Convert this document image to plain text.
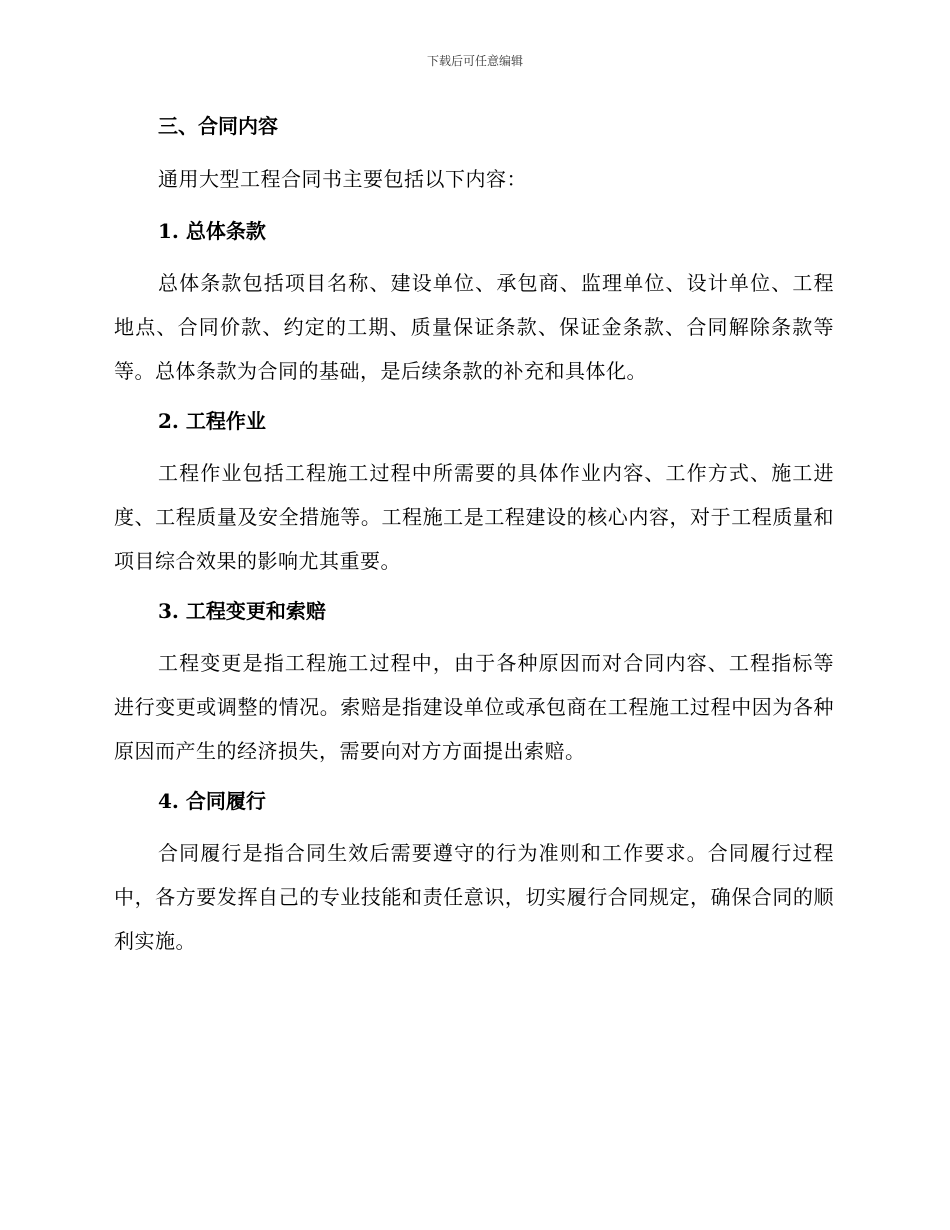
下载后可任意编辑
三、合同内容

通用大型工程合同书主要包括以下内容：

1. 总体条款

总体条款包括项目名称、建设单位、承包商、监理单位、设计单位、工程地点、合同价款、约定的工期、质量保证条款、保证金条款、合同解除条款等等。总体条款为合同的基础，是后续条款的补充和具体化。

2. 工程作业

工程作业包括工程施工过程中所需要的具体作业内容、工作方式、施工进度、工程质量及安全措施等。工程施工是工程建设的核心内容，对于工程质量和项目综合效果的影响尤其重要。

3. 工程变更和索赔

工程变更是指工程施工过程中，由于各种原因而对合同内容、工程指标等进行变更或调整的情况。索赔是指建设单位或承包商在工程施工过程中因为各种原因而产生的经济损失，需要向对方方面提出索赔。

4. 合同履行

合同履行是指合同生效后需要遵守的行为准则和工作要求。合同履行过程中，各方要发挥自己的专业技能和责任意识，切实履行合同规定，确保合同的顺利实施。
